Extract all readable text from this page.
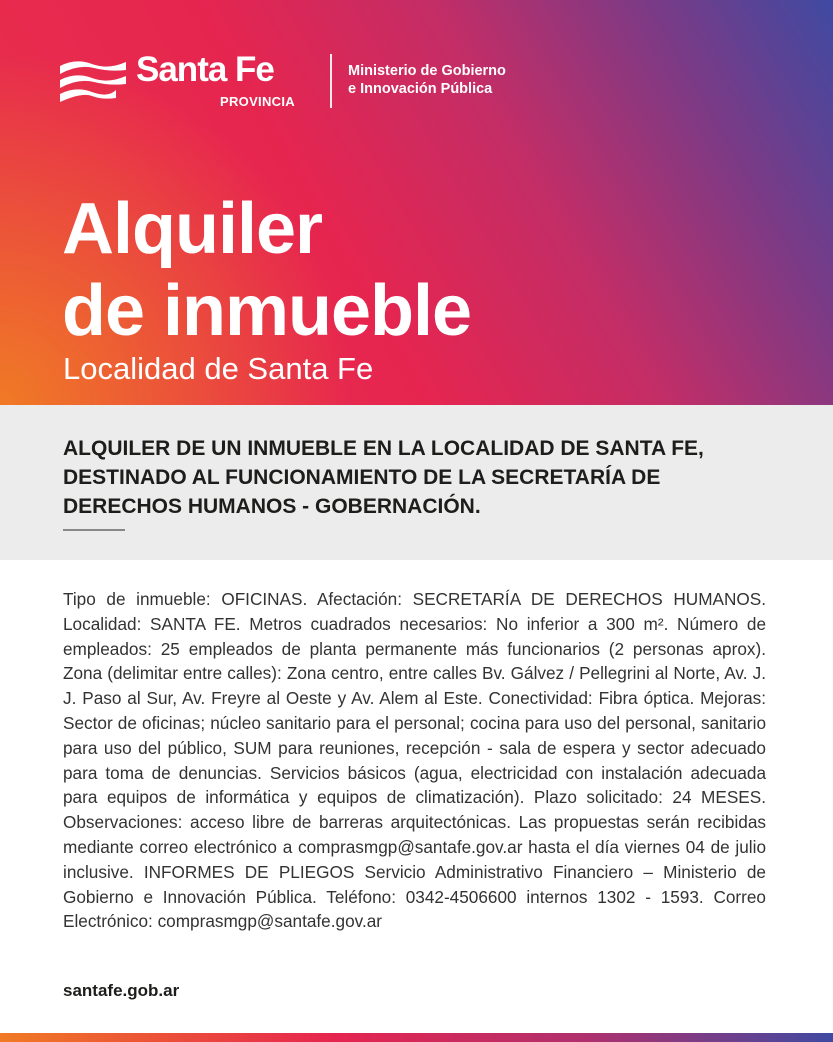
Santa Fe
PROVINCIA
Ministerio de Gobierno
e Innovación Pública
Alquiler
de inmueble
Localidad de Santa Fe
ALQUILER DE UN INMUEBLE EN LA LOCALIDAD DE SANTA FE, DESTINADO AL FUNCIONAMIENTO DE LA SECRETARÍA DE DERECHOS HUMANOS - GOBERNACIÓN.

Tipo de inmueble: OFICINAS. Afectación: SECRETARÍA DE DERECHOS HUMANOS. Localidad: SANTA FE. Metros cuadrados necesarios: No inferior a 300 m². Número de empleados: 25 empleados de planta permanente más funcionarios (2 personas aprox). Zona (delimitar entre calles): Zona centro, entre calles Bv. Gálvez / Pellegrini al Norte, Av. J. J. Paso al Sur, Av. Freyre al Oeste y Av. Alem al Este. Conectividad: Fibra óptica. Mejoras: Sector de oficinas; núcleo sanitario para el personal; cocina para uso del personal, sanitario para uso del público, SUM para reuniones, recepción - sala de espera y sector adecuado para toma de denuncias. Servicios básicos (agua, electricidad con instalación adecuada para equipos de informática y equipos de climatización). Plazo solicitado: 24 MESES. Observaciones: acceso libre de barreras arquitectónicas. Las propuestas serán recibidas mediante correo electrónico a comprasmgp@santafe.gov.ar hasta el día viernes 04 de julio inclusive. INFORMES DE PLIEGOS Servicio Administrativo Financiero – Ministerio de Gobierno e Innovación Pública. Teléfono: 0342-4506600 internos 1302 - 1593. Correo Electrónico: comprasmgp@santafe.gov.ar

santafe.gob.ar
